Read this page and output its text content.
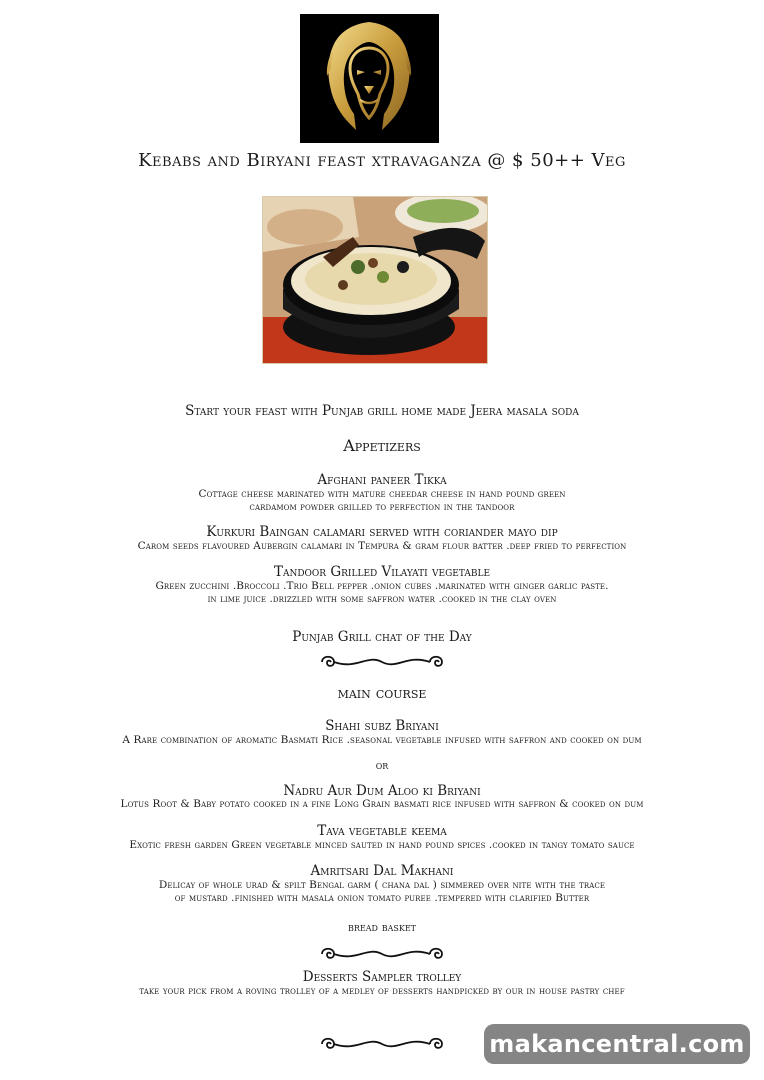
Kebabs and Biryani feast xtravaganza @ $ 50++ Veg
Start your feast with Punjab grill home made Jeera masala soda
Appetizers
Afghani paneer Tikka
Cottage cheese marinated with mature cheedar cheese in hand pound green
cardamom powder grilled to perfection in the tandoor
Kurkuri Baingan calamari served with coriander mayo dip
Carom seeds flavoured Aubergin calamari in Tempura & gram flour batter .deep fried to perfection
Tandoor Grilled Vilayati vegetable
Green zucchini .Broccoli .Trio Bell pepper .onion cubes .marinated with ginger garlic paste.
in lime juice .drizzled with some saffron water .cooked in the clay oven
Punjab Grill chat of the Day
main course
Shahi subz Briyani
A Rare combination of aromatic Basmati Rice .seasonal vegetable infused with saffron and cooked on dum
or
Nadru Aur Dum Aloo ki Briyani
Lotus Root & Baby potato cooked in a fine Long Grain basmati rice infused with saffron & cooked on dum
Tava vegetable keema
Exotic fresh garden Green vegetable minced sauted in hand pound spices .cooked in tangy tomato sauce
Amritsari Dal Makhani
Delicay of whole urad & spilt Bengal garm ( chana dal ) simmered over nite with the trace
of mustard .finished with masala onion tomato puree .tempered with clarified Butter
bread basket
Desserts Sampler trolley
take your pick from a roving trolley of a medley of desserts handpicked by our in house pastry chef
makancentral.com
